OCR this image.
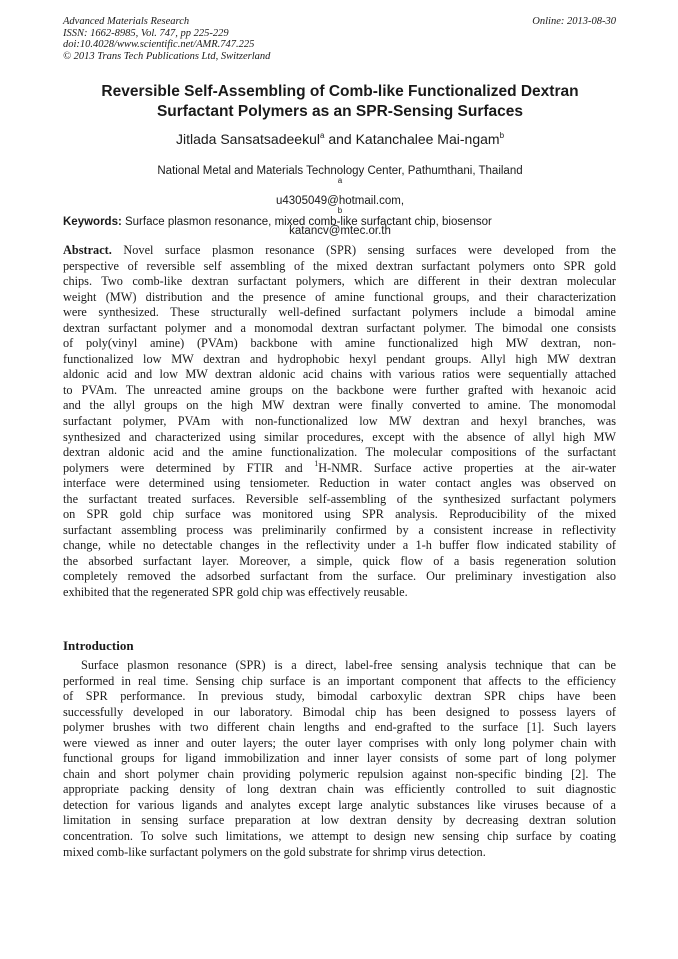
Advanced Materials Research
ISSN: 1662-8985, Vol. 747, pp 225-229
doi:10.4028/www.scientific.net/AMR.747.225
© 2013 Trans Tech Publications Ltd, Switzerland
Online: 2013-08-30
Reversible Self-Assembling of Comb-like Functionalized Dextran
Surfactant Polymers as an SPR-Sensing Surfaces
Jitlada Sansatsadeekul$^a$ and Katanchalee Mai-ngam$^b$
National Metal and Materials Technology Center, Pathumthani, Thailand
$^a$
u4305049@hotmail.com,
$^b$
katancv@mtec.or.th
Keywords: Surface plasmon resonance, mixed comb-like surfactant chip, biosensor
Abstract. Novel surface plasmon resonance (SPR) sensing surfaces were developed from the
perspective of reversible self assembling of the mixed dextran surfactant polymers onto SPR gold
chips. Two comb-like dextran surfactant polymers, which are different in their dextran molecular
weight (MW) distribution and the presence of amine functional groups, and their characterization
were synthesized. These structurally well-defined surfactant polymers include a bimodal amine
dextran surfactant polymer and a monomodal dextran surfactant polymer. The bimodal one consists
of poly(vinyl amine) (PVAm) backbone with amine functionalized high MW dextran, non-
functionalized low MW dextran and hydrophobic hexyl pendant groups. Allyl high MW dextran
aldonic acid and low MW dextran aldonic acid chains with various ratios were sequentially attached
to PVAm. The unreacted amine groups on the backbone were further grafted with hexanoic acid
and the allyl groups on the high MW dextran were finally converted to amine. The monomodal
surfactant polymer, PVAm with non-functionalized low MW dextran and hexyl branches, was
synthesized and characterized using similar procedures, except with the absence of allyl high MW
dextran aldonic acid and the amine functionalization. The molecular compositions of the surfactant
polymers were determined by FTIR and $^1$H-NMR. Surface active properties at the air-water
interface were determined using tensiometer. Reduction in water contact angles was observed on
the surfactant treated surfaces. Reversible self-assembling of the synthesized surfactant polymers
on SPR gold chip surface was monitored using SPR analysis. Reproducibility of the mixed
surfactant assembling process was preliminarily confirmed by a consistent increase in reflectivity
change, while no detectable changes in the reflectivity under a 1-h buffer flow indicated stability of
the absorbed surfactant layer. Moreover, a simple, quick flow of a basis regeneration solution
completely removed the adsorbed surfactant from the surface. Our preliminary investigation also
exhibited that the regenerated SPR gold chip was effectively reusable.
Introduction
Surface plasmon resonance (SPR) is a direct, label-free sensing analysis technique that can be
performed in real time. Sensing chip surface is an important component that affects to the efficiency
of SPR performance. In previous study, bimodal carboxylic dextran SPR chips have been
successfully developed in our laboratory. Bimodal chip has been designed to possess layers of
polymer brushes with two different chain lengths and end-grafted to the surface [1]. Such layers
were viewed as inner and outer layers; the outer layer comprises with only long polymer chain with
functional groups for ligand immobilization and inner layer consists of some part of long polymer
chain and short polymer chain providing polymeric repulsion against non-specific binding [2]. The
appropriate packing density of long dextran chain was efficiently controlled to suit diagnostic
detection for various ligands and analytes except large analytic substances like viruses because of a
limitation in sensing surface preparation at low dextran density by decreasing dextran solution
concentration. To solve such limitations, we attempt to design new sensing chip surface by coating
mixed comb-like surfactant polymers on the gold substrate for shrimp virus detection.
